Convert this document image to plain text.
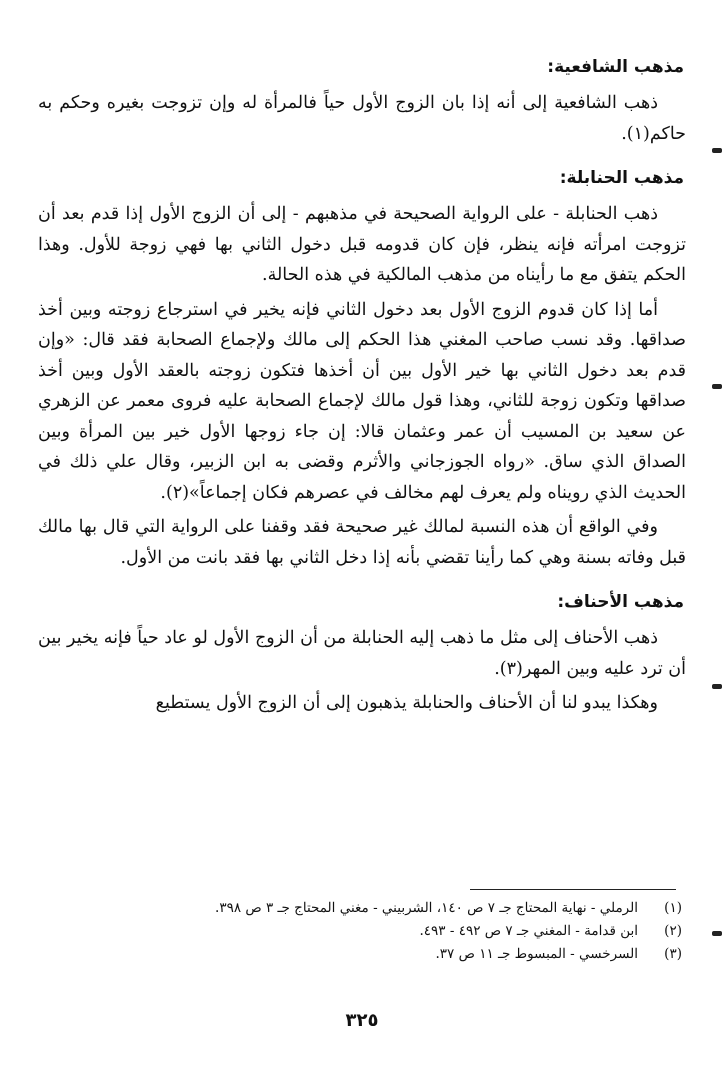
مذهب الشافعية:

ذهب الشافعية إلى أنه إذا بان الزوج الأول حياً فالمرأة له وإن تزوجت بغيره وحكم به حاكم(١).

مذهب الحنابلة:

ذهب الحنابلة - على الرواية الصحيحة في مذهبهم - إلى أن الزوج الأول إذا قدم بعد أن تزوجت امرأته فإنه ينظر، فإن كان قدومه قبل دخول الثاني بها فهي زوجة للأول. وهذا الحكم يتفق مع ما رأيناه من مذهب المالكية في هذه الحالة.

أما إذا كان قدوم الزوج الأول بعد دخول الثاني فإنه يخير في استرجاع زوجته وبين أخذ صداقها. وقد نسب صاحب المغني هذا الحكم إلى مالك ولإجماع الصحابة فقد قال: «وإن قدم بعد دخول الثاني بها خير الأول بين أن أخذها فتكون زوجته بالعقد الأول وبين أخذ صداقها وتكون زوجة للثاني، وهذا قول مالك لإجماع الصحابة عليه فروى معمر عن الزهري عن سعيد بن المسيب أن عمر وعثمان قالا: إن جاء زوجها الأول خير بين المرأة وبين الصداق الذي ساق. «رواه الجوزجاني والأثرم وقضى به ابن الزبير، وقال علي ذلك في الحديث الذي رويناه ولم يعرف لهم مخالف في عصرهم فكان إجماعاً»(٢).

وفي الواقع أن هذه النسبة لمالك غير صحيحة فقد وقفنا على الرواية التي قال بها مالك قبل وفاته بسنة وهي كما رأينا تقضي بأنه إذا دخل الثاني بها فقد بانت من الأول.

مذهب الأحناف:

ذهب الأحناف إلى مثل ما ذهب إليه الحنابلة من أن الزوج الأول لو عاد حياً فإنه يخير بين أن ترد عليه وبين المهر(٣).

وهكذا يبدو لنا أن الأحناف والحنابلة يذهبون إلى أن الزوج الأول يستطيع

(١)
الرملي - نهاية المحتاج جـ ٧ ص ١٤٠، الشربيني - مغني المحتاج جـ ٣ ص ٣٩٨.
(٢)
ابن قدامة - المغني جـ ٧ ص ٤٩٢ - ٤٩٣.
(٣)
السرخسي - المبسوط جـ ١١ ص ٣٧.
٣٢٥
